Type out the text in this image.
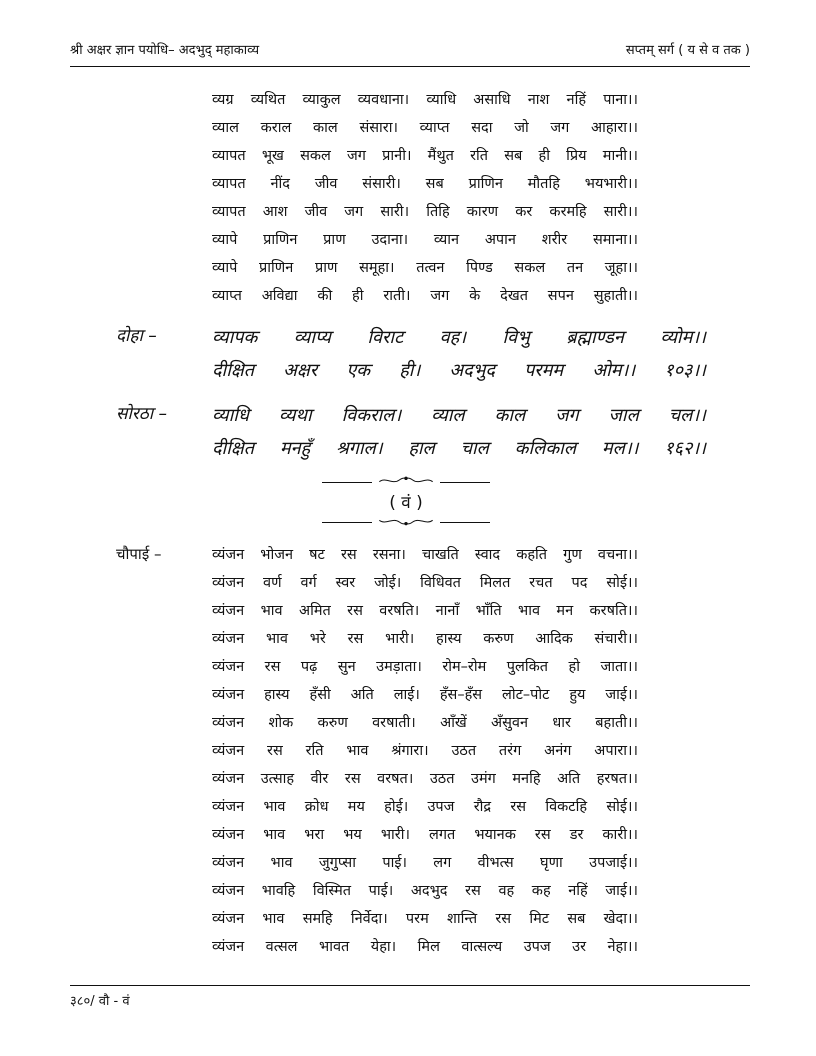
श्री अक्षर ज्ञान पयोधि– अदभुद् महाकाव्य	सप्तम् सर्ग ( य से व तक )
व्यग्र व्यथित व्याकुल व्यवधाना। व्याधि असाधि नाश नहिं पाना।।
व्याल कराल काल संसारा। व्याप्त सदा जो जग आहारा।।
व्यापत भूख सकल जग प्रानी। मैंथुत रति सब ही प्रिय मानी।।
व्यापत नींद जीव संसारी। सब प्राणिन मौतहि भयभारी।।
व्यापत आश जीव जग सारी। तिहि कारण कर करमहि सारी।।
व्यापे प्राणिन प्राण उदाना। व्यान अपान शरीर समाना।।
व्यापे प्राणिन प्राण समूहा। तत्वन पिण्ड सकल तन जूहा।।
व्याप्त अविद्या की ही राती। जग के देखत सपन सुहाती।।
दोहा –	व्यापक व्याप्य विराट वह। विभु ब्रह्माण्डन व्योम।।
दीक्षित अक्षर एक ही। अदभुद परमम ओम।। १०३।।
सोरठा – व्याधि व्यथा विकराल। व्याल काल जग जाल चल।।
दीक्षित मनहुँ श्रगाल। हाल चाल कलिकाल मल।। १६२।।
( वं )
चौपाई –	व्यंजन भोजन षट रस रसना। चाखति स्वाद कहति गुण वचना।।
व्यंजन वर्ण वर्ग स्वर जोई। विधिवत मिलत रचत पद सोई।।
व्यंजन भाव अमित रस वरषति। नानाँ भाँति भाव मन करषति।।
व्यंजन भाव भरे रस भारी। हास्य करुण आदिक संचारी।।
व्यंजन रस पढ़ सुन उमड़ाता। रोम–रोम पुलकित हो जाता।।
व्यंजन हास्य हँसी अति लाई। हँस–हँस लोट–पोट हुय जाई।।
व्यंजन शोक करुण वरषाती। आँखें अँसुवन धार बहाती।।
व्यंजन रस रति भाव श्रंगारा। उठत तरंग अनंग अपारा।।
व्यंजन उत्साह वीर रस वरषत। उठत उमंग मनहि अति हरषत।।
व्यंजन भाव क्रोध मय होई। उपज रौद्र रस विकटहि सोई।।
व्यंजन भाव भरा भय भारी। लगत भयानक रस डर कारी।।
व्यंजन भाव जुगुप्सा पाई। लग वीभत्स घृणा उपजाई।।
व्यंजन भावहि विस्मित पाई। अदभुद रस वह कह नहिं जाई।।
व्यंजन भाव समहि निर्वेदा। परम शान्ति रस मिट सब खेदा।।
व्यंजन वत्सल भावत येहा। मिल वात्सल्य उपज उर नेहा।।
३८०/ वौ - वं
